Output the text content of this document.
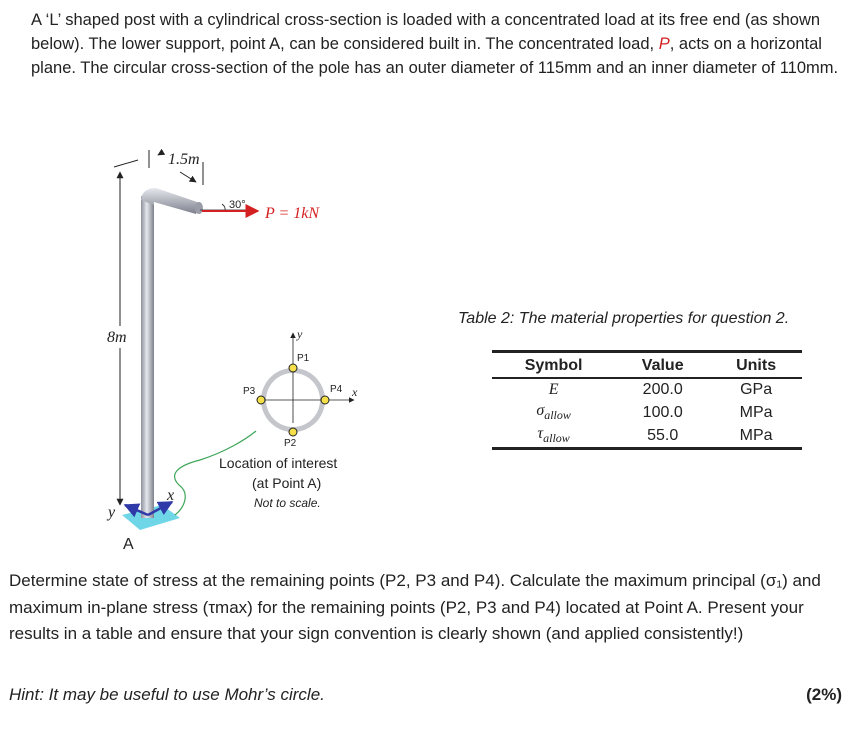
A ‘L’ shaped post with a cylindrical cross-section is loaded with a concentrated load at its free end (as shown below). The lower support, point A, can be considered built in. The concentrated load, P, acts on a horizontal plane. The circular cross-section of the pole has an outer diameter of 115mm and an inner diameter of 110mm.

8m
1.5m
30° P = 1kN
x
y
A
y
x
P1
P2
P3	P4
Location of interest
(at Point A)
Not to scale.
Table 2: The material properties for question 2.
Symbol	Value	Units
E	200.0	GPa
$\sigma_{allow}$	100.0	MPa
$\tau_{allow}$	55.0	MPa

Determine state of stress at the remaining points (P2, P3 and P4). Calculate the maximum principal (σ₁) and maximum in-plane stress (τmax) for the remaining points (P2, P3 and P4) located at Point A. Present your results in a table and ensure that your sign convention is clearly shown (and applied consistently!)

Hint: It may be useful to use Mohr’s circle.	(2%)
